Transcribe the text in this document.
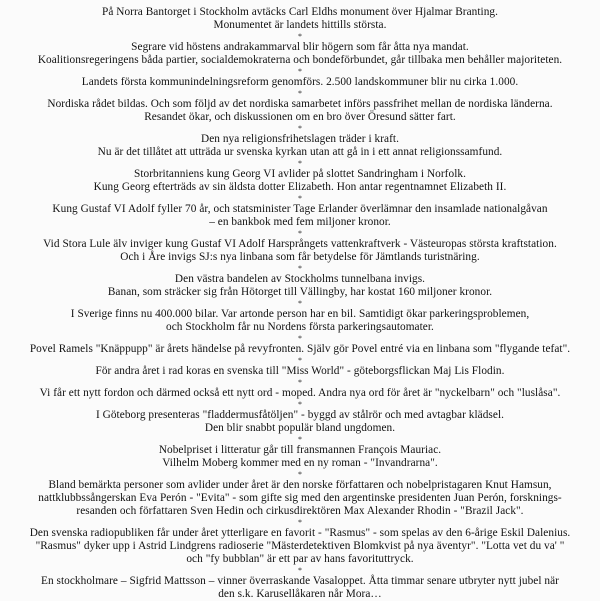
På Norra Bantorget i Stockholm avtäcks Carl Eldhs monument över Hjalmar Branting.
Monumentet är landets hittills största.
*
Segrare vid höstens andrakammarval blir högern som får åtta nya mandat.
Koalitionsregeringens båda partier, socialdemokraterna och bondeförbundet, går tillbaka men behåller majoriteten.
*
Landets första kommunindelningsreform genomförs. 2.500 landskommuner blir nu cirka 1.000.
*
Nordiska rådet bildas. Och som följd av det nordiska samarbetet införs passfrihet mellan de nordiska länderna.
Resandet ökar, och diskussionen om en bro över Öresund sätter fart.
*
Den nya religionsfrihetslagen träder i kraft.
Nu är det tillåtet att utträda ur svenska kyrkan utan att gå in i ett annat religionssamfund.
*
Storbritanniens kung Georg VI avlider på slottet Sandringham i Norfolk.
Kung Georg efterträds av sin äldsta dotter Elizabeth. Hon antar regentnamnet Elizabeth II.
*
Kung Gustaf VI Adolf fyller 70 år, och statsminister Tage Erlander överlämnar den insamlade nationalgåvan
– en bankbok med fem miljoner kronor.
*
Vid Stora Lule älv inviger kung Gustaf VI Adolf Harsprångets vattenkraftverk - Västeuropas största kraftstation.
Och i Åre invigs SJ:s nya linbana som får betydelse för Jämtlands turistnäring.
*
Den västra bandelen av Stockholms tunnelbana invigs.
Banan, som sträcker sig från Hötorget till Vällingby, har kostat 160 miljoner kronor.
*
I Sverige finns nu 400.000 bilar. Var artonde person har en bil. Samtidigt ökar parkeringsproblemen,
och Stockholm får nu Nordens första parkeringsautomater.
*
Povel Ramels "Knäppupp" är årets händelse på revyfronten. Själv gör Povel entré via en linbana som "flygande tefat".
*
För andra året i rad koras en svenska till "Miss World" - göteborgsflickan Maj Lis Flodin.
*
Vi får ett nytt fordon och därmed också ett nytt ord - moped. Andra nya ord för året är "nyckelbarn" och "luslåsa".
*
I Göteborg presenteras "fladdermusfåtöljen" - byggd av stålrör och med avtagbar klädsel.
Den blir snabbt populär bland ungdomen.
*
Nobelpriset i litteratur går till fransmannen François Mauriac.
Vilhelm Moberg kommer med en ny roman - "Invandrarna".
*
Bland bemärkta personer som avlider under året är den norske författaren och nobelpristagaren Knut Hamsun,
nattklubbssångerskan Eva Perón - "Evita" - som gifte sig med den argentinske presidenten Juan Perón, forsknings-
resanden och författaren Sven Hedin och cirkusdirektören Max Alexander Rhodin - "Brazil Jack".
*
Den svenska radiopubliken får under året ytterligare en favorit - "Rasmus" - som spelas av den 6-årige Eskil Dalenius.
"Rasmus" dyker upp i Astrid Lindgrens radioserie "Mästerdetektiven Blomkvist på nya äventyr". "Lotta vet du va' "
och "fy bubblan" är ett par av hans favorituttryck.
*
En stockholmare – Sigfrid Mattsson – vinner överraskande Vasaloppet. Åtta timmar senare utbryter nytt jubel när
den s.k. Karusellåkaren når Mora…
